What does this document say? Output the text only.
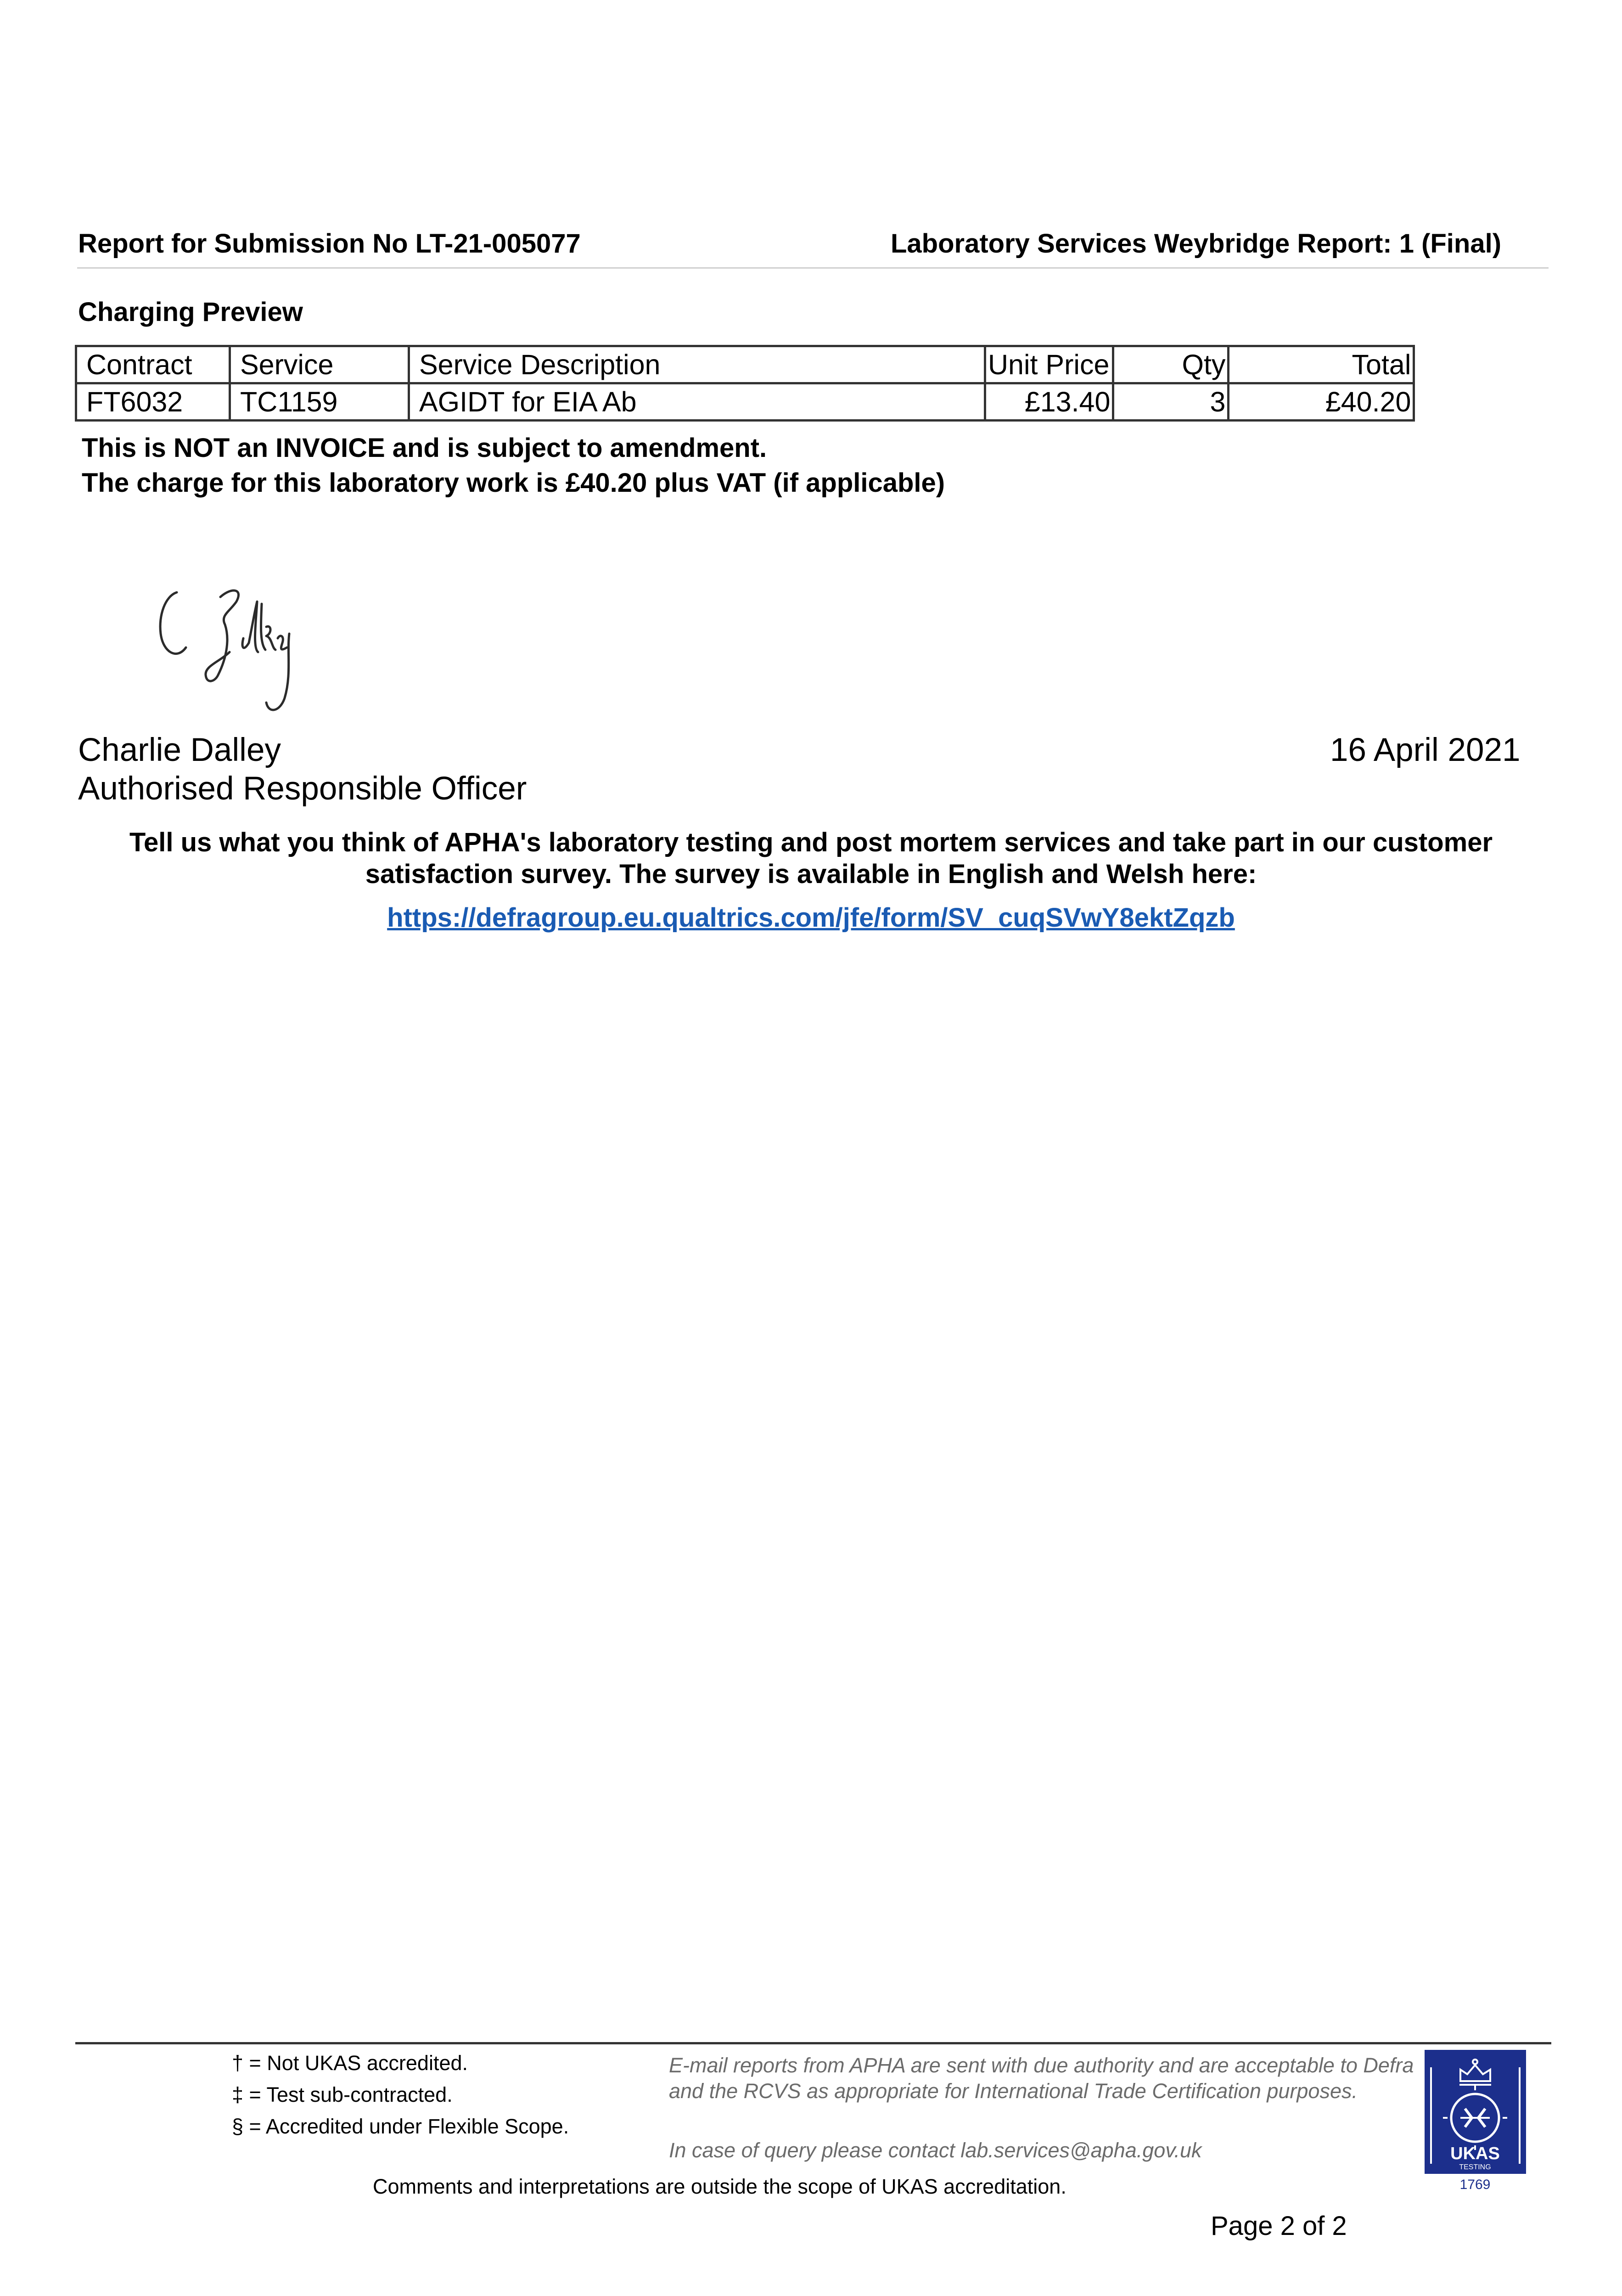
Report for Submission No LT-21-005077	Laboratory Services Weybridge Report: 1 (Final)
Charging Preview
Contract	Service	Service Description	Unit Price	Qty	Total
FT6032	TC1159	AGIDT for EIA Ab	£13.40	3	£40.20
This is NOT an INVOICE and is subject to amendment.
The charge for this laboratory work is £40.20 plus VAT (if applicable)
Charlie Dalley
Authorised Responsible Officer
16 April 2021
Tell us what you think of APHA's laboratory testing and post mortem services and take part in our customer satisfaction survey. The survey is available in English and Welsh here:
https://defragroup.eu.qualtrics.com/jfe/form/SV_cuqSVwY8ektZqzb
† = Not UKAS accredited.
‡ = Test sub-contracted.
§ = Accredited under Flexible Scope.
E-mail reports from APHA are sent with due authority and are acceptable to Defra and the RCVS as appropriate for International Trade Certification purposes.
In case of query please contact lab.services@apha.gov.uk
Comments and interpretations are outside the scope of UKAS accreditation.
Page 2 of 2
UKAS
TESTING
1769
